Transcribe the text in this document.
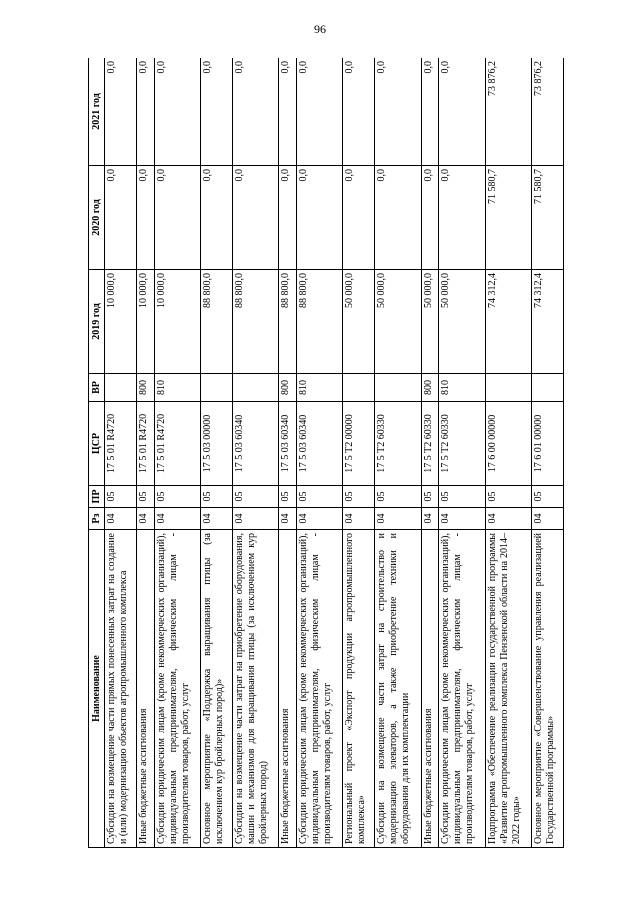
96
Наименование	Рз	ПР	ЦСР	ВР	2019 год	2020 год	2021 год
Субсидии на возмещение части прямых понесенных затрат на создание и (или) модернизацию объектов агропромышленного комплекса	04	05	17 5 01 R4720		10 000,0	0,0	0,0
Иные бюджетные ассигнования	04	05	17 5 01 R4720	800	10 000,0	0,0	0,0
Субсидии юридическим лицам (кроме некоммерческих организаций), индивидуальным предпринимателям, физическим лицам - производителям товаров, работ, услуг	04	05	17 5 01 R4720	810	10 000,0	0,0	0,0
Основное мероприятие «Поддержка выращивания птицы (за исключением кур бройлерных пород)»	04	05	17 5 03 00000		88 800,0	0,0	0,0
Субсидии на возмещение части затрат на приобретение оборудования, машин и механизмов для выращивания птицы (за исключением кур бройлерных пород)	04	05	17 5 03 60340		88 800,0	0,0	0,0
Иные бюджетные ассигнования	04	05	17 5 03 60340	800	88 800,0	0,0	0,0
Субсидии юридическим лицам (кроме некоммерческих организаций), индивидуальным предпринимателям, физическим лицам - производителям товаров, работ, услуг	04	05	17 5 03 60340	810	88 800,0	0,0	0,0
Региональный проект «Экспорт продукции агропромышленного комплекса»	04	05	17 5 T2 00000		50 000,0	0,0	0,0
Субсидии на возмещение части затрат на строительство и модернизацию элеваторов, а также приобретение техники и оборудования для их комплектации	04	05	17 5 T2 60330		50 000,0	0,0	0,0
Иные бюджетные ассигнования	04	05	17 5 T2 60330	800	50 000,0	0,0	0,0
Субсидии юридическим лицам (кроме некоммерческих организаций), индивидуальным предпринимателям, физическим лицам - производителям товаров, работ, услуг	04	05	17 5 T2 60330	810	50 000,0	0,0	0,0
Подпрограмма «Обеспечение реализации государственной программы «Развитие агропромышленного комплекса Пензенской области на 2014–2022 годы»	04	05	17 6 00 00000		74 312,4	71 580,7	73 876,2
Основное мероприятие «Совершенствование управления реализацией Государственной программы»	04	05	17 6 01 00000		74 312,4	71 580,7	73 876,2
